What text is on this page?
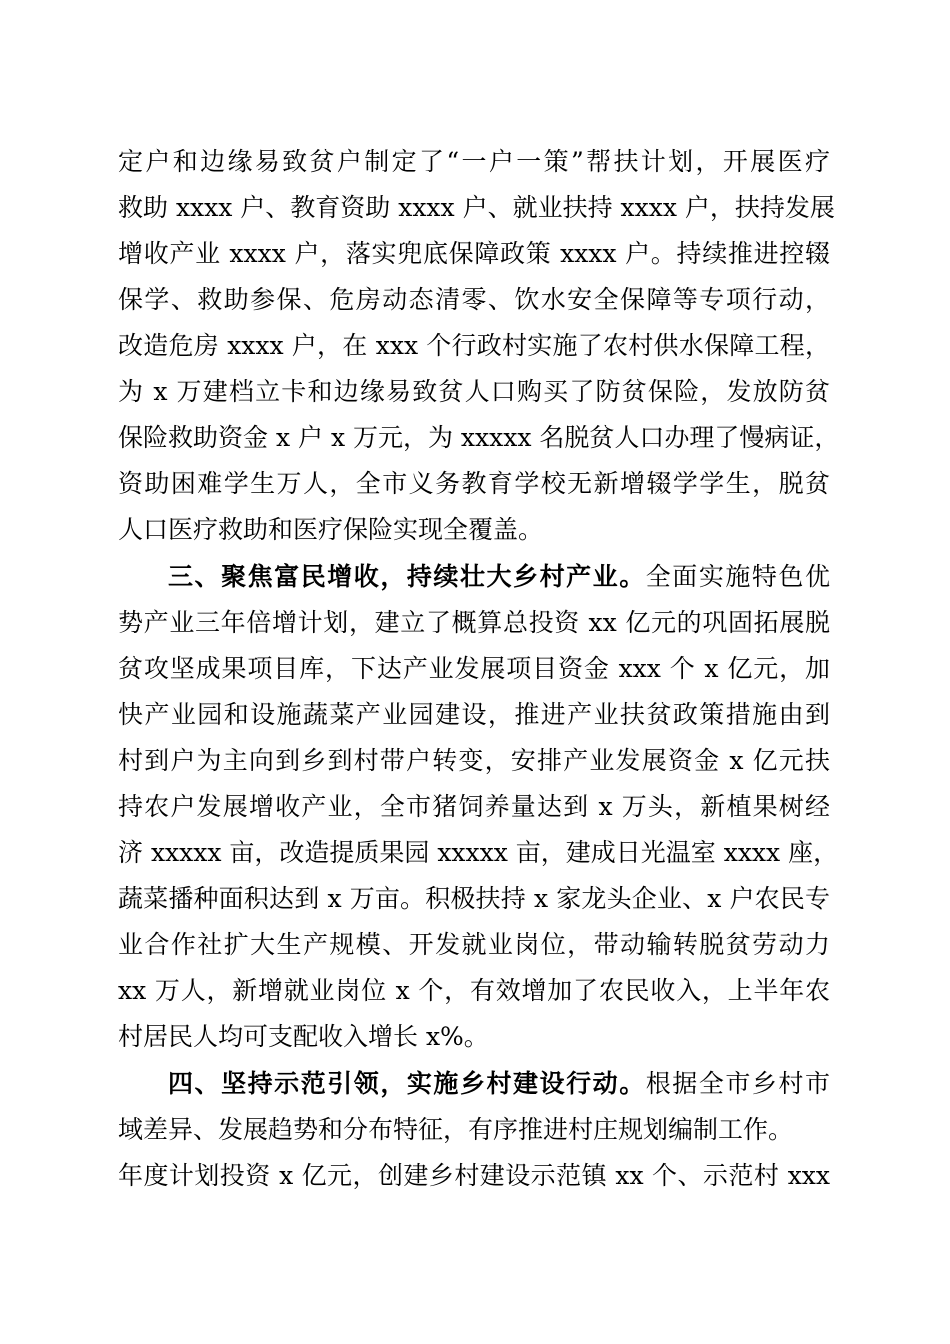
定户和边缘易致贫户制定了“一户一策”帮扶计划，开展医疗
救助 xxxx 户、教育资助 xxxx 户、就业扶持 xxxx 户，扶持发展
增收产业 xxxx 户，落实兜底保障政策 xxxx 户。持续推进控辍
保学、救助参保、危房动态清零、饮水安全保障等专项行动，
改造危房 xxxx 户，在 xxx 个行政村实施了农村供水保障工程，
为 x 万建档立卡和边缘易致贫人口购买了防贫保险，发放防贫
保险救助资金 x 户 x 万元，为 xxxxx 名脱贫人口办理了慢病证，
资助困难学生万人，全市义务教育学校无新增辍学学生，脱贫
人口医疗救助和医疗保险实现全覆盖。
三、聚焦富民增收，持续壮大乡村产业。全面实施特色优
势产业三年倍增计划，建立了概算总投资 xx 亿元的巩固拓展脱
贫攻坚成果项目库，下达产业发展项目资金 xxx 个 x 亿元，加
快产业园和设施蔬菜产业园建设，推进产业扶贫政策措施由到
村到户为主向到乡到村带户转变，安排产业发展资金 x 亿元扶
持农户发展增收产业，全市猪饲养量达到 x 万头，新植果树经
济 xxxxx 亩，改造提质果园 xxxxx 亩，建成日光温室 xxxx 座，
蔬菜播种面积达到 x 万亩。积极扶持 x 家龙头企业、x 户农民专
业合作社扩大生产规模、开发就业岗位，带动输转脱贫劳动力
xx 万人，新增就业岗位 x 个，有效增加了农民收入，上半年农
村居民人均可支配收入增长 x%。
四、坚持示范引领，实施乡村建设行动。根据全市乡村市
域差异、发展趋势和分布特征，有序推进村庄规划编制工作。
年度计划投资 x 亿元，创建乡村建设示范镇 xx 个、示范村 xxx
